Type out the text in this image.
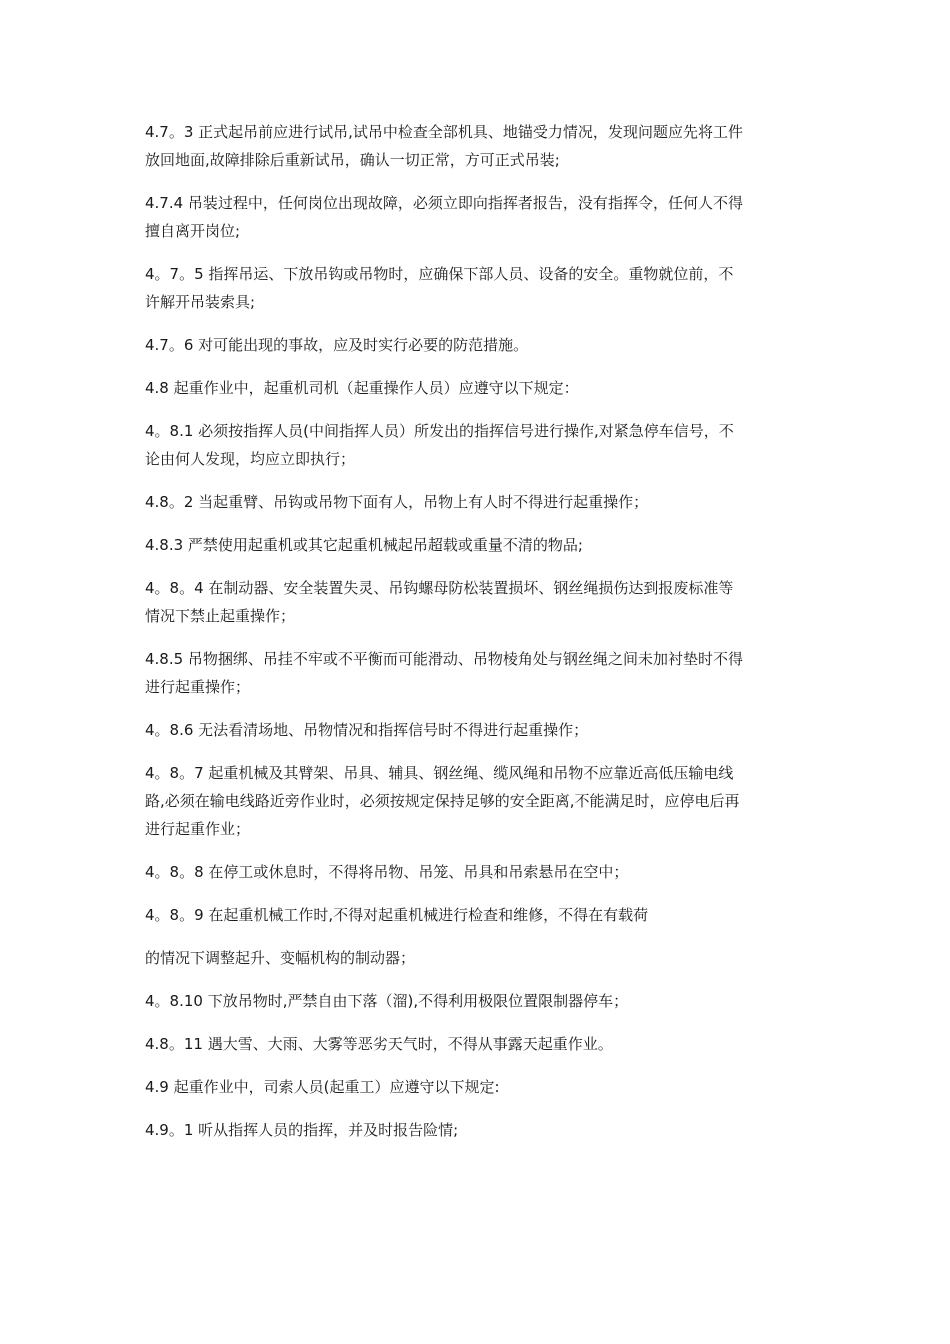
4.7。3 正式起吊前应进行试吊,试吊中检查全部机具、地锚受力情况，发现问题应先将工件
放回地面,故障排除后重新试吊，确认一切正常，方可正式吊装;
4.7.4 吊装过程中，任何岗位出现故障，必须立即向指挥者报告，没有指挥令，任何人不得
擅自离开岗位;
4。7。5 指挥吊运、下放吊钩或吊物时，应确保下部人员、设备的安全。重物就位前，不
许解开吊装索具;
4.7。6 对可能出现的事故，应及时实行必要的防范措施。
4.8 起重作业中，起重机司机（起重操作人员）应遵守以下规定：
4。8.1 必须按指挥人员(中间指挥人员）所发出的指挥信号进行操作,对紧急停车信号，不
论由何人发现，均应立即执行；
4.8。2 当起重臂、吊钩或吊物下面有人，吊物上有人时不得进行起重操作；
4.8.3 严禁使用起重机或其它起重机械起吊超载或重量不清的物品;
4。8。4 在制动器、安全装置失灵、吊钩螺母防松装置损坏、钢丝绳损伤达到报废标准等
情况下禁止起重操作；
4.8.5 吊物捆绑、吊挂不牢或不平衡而可能滑动、吊物棱角处与钢丝绳之间未加衬垫时不得
进行起重操作；
4。8.6 无法看清场地、吊物情况和指挥信号时不得进行起重操作；
4。8。7 起重机械及其臂架、吊具、辅具、钢丝绳、缆风绳和吊物不应靠近高低压输电线
路,必须在输电线路近旁作业时，必须按规定保持足够的安全距离,不能满足时，应停电后再
进行起重作业；
4。8。8 在停工或休息时，不得将吊物、吊笼、吊具和吊索悬吊在空中；
4。8。9 在起重机械工作时,不得对起重机械进行检查和维修，不得在有载荷
的情况下调整起升、变幅机构的制动器；
4。8.10 下放吊物时,严禁自由下落（溜),不得利用极限位置限制器停车；
4.8。11 遇大雪、大雨、大雾等恶劣天气时，不得从事露天起重作业。
4.9 起重作业中，司索人员(起重工）应遵守以下规定:
4.9。1 听从指挥人员的指挥，并及时报告险情;
